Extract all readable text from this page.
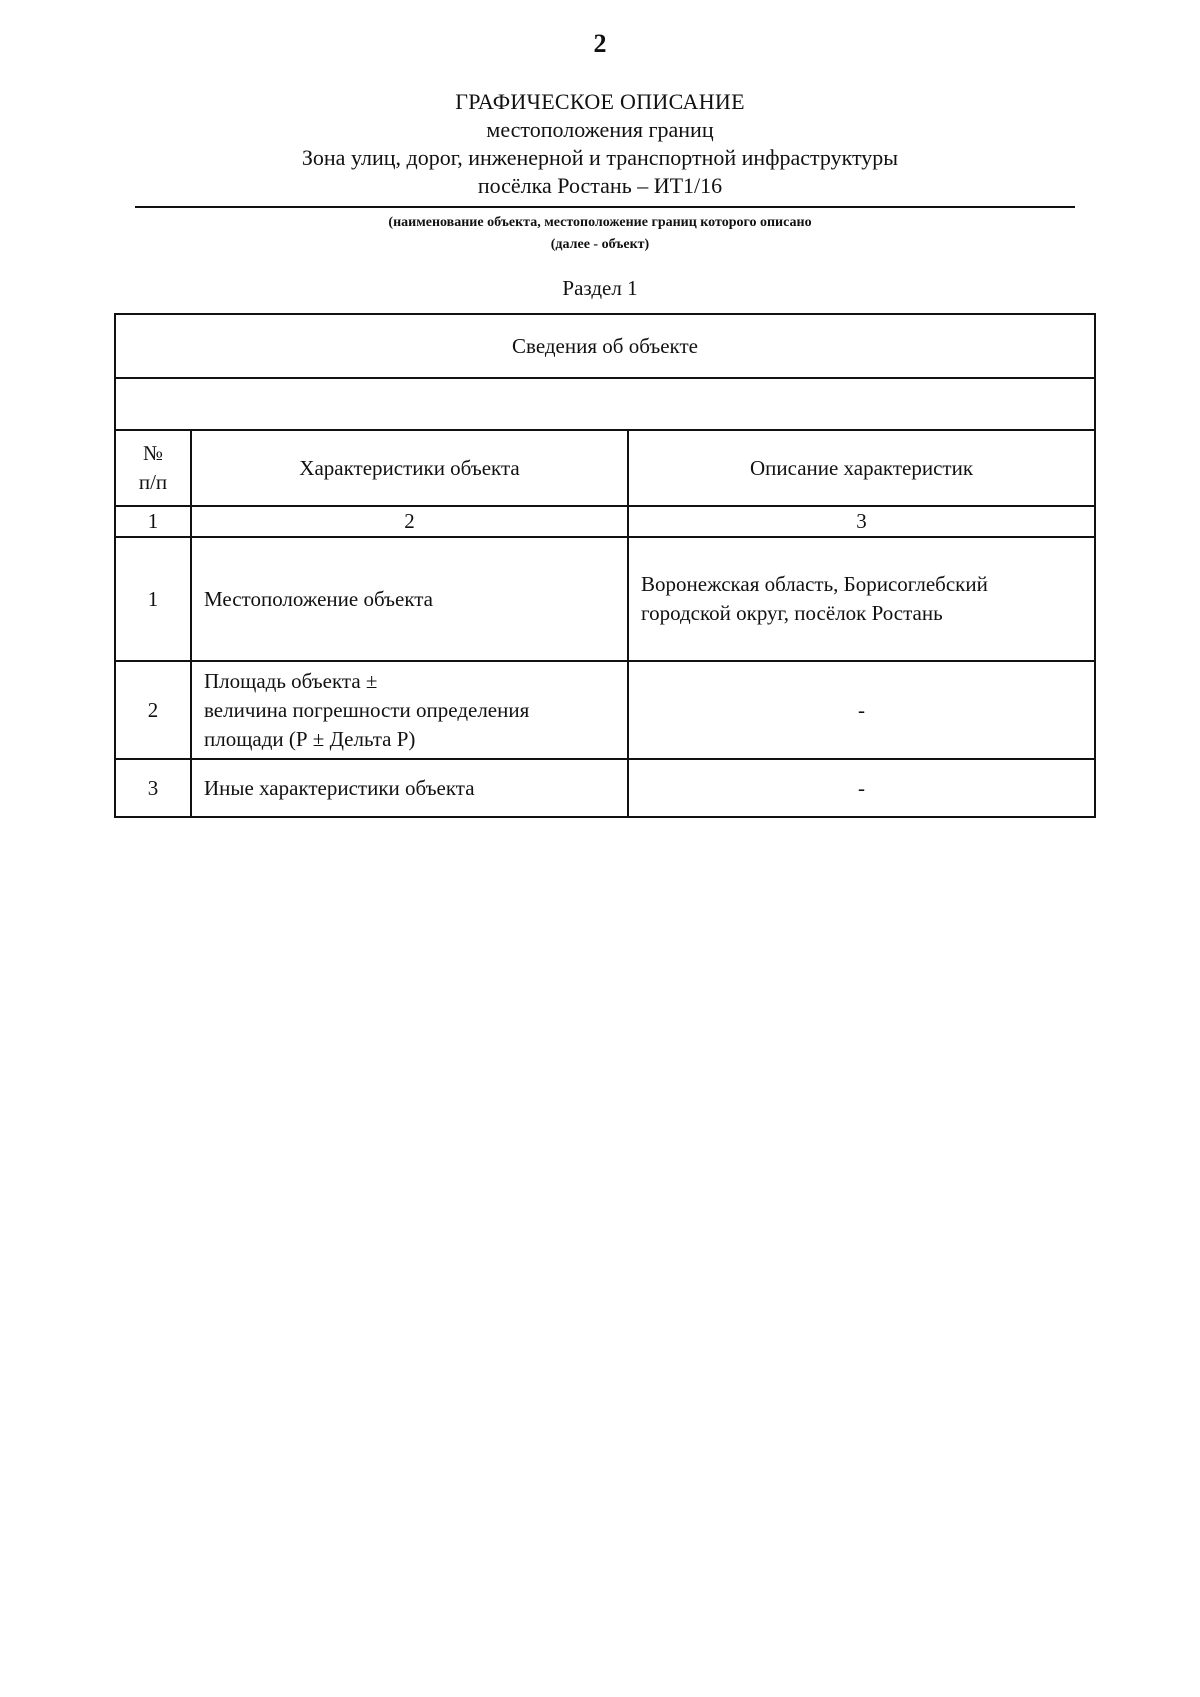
2
ГРАФИЧЕСКОЕ ОПИСАНИЕ
местоположения границ
Зона улиц, дорог, инженерной и транспортной инфраструктуры
посёлка Ростань – ИТ1/16
(наименование объекта, местоположение границ которого описано
(далее - объект)
Раздел 1
Сведения об объекте		

№
п/п	Характеристики объекта	Описание характеристик
1	2	3
1	Местоположение объекта	Воронежская область, Борисоглебский
городской округ, посёлок Ростань

2	Площадь объекта ±
величина погрешности определения
площади (Р ± Дельта Р)	-

3	Иные характеристики объекта	-
